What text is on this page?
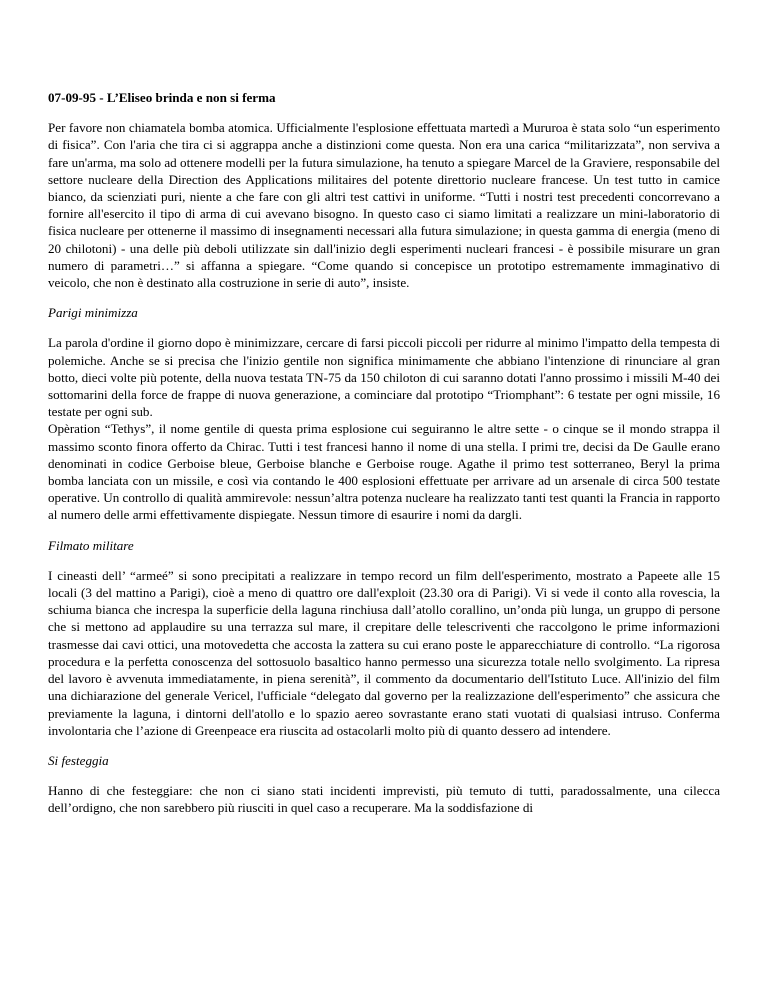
07-09-95 - L’Eliseo brinda e non si ferma

Per favore non chiamatela bomba atomica. Ufficialmente l'esplosione effettuata martedì a Mururoa è stata solo “un esperimento di fisica”. Con l'aria che tira ci si aggrappa anche a distinzioni come questa. Non era una carica “militarizzata”, non serviva a fare un'arma, ma solo ad ottenere modelli per la futura simulazione, ha tenuto a spiegare Marcel de la Graviere, responsabile del settore nucleare della Direction des Applications militaires del potente direttorio nucleare francese. Un test tutto in camice bianco, da scienziati puri, niente a che fare con gli altri test cattivi in uniforme. “Tutti i nostri test precedenti concorrevano a fornire all'esercito il tipo di arma di cui avevano bisogno. In questo caso ci siamo limitati a realizzare un mini-laboratorio di fisica nucleare per ottenerne il massimo di insegnamenti necessari alla futura simulazione; in questa gamma di energia (meno di 20 chilotoni) - una delle più deboli utilizzate sin dall'inizio degli esperimenti nucleari francesi - è possibile misurare un gran numero di parametri…” si affanna a spiegare. “Come quando si concepisce un prototipo estremamente immaginativo di veicolo, che non è destinato alla costruzione in serie di auto”, insiste.

Parigi minimizza

La parola d'ordine il giorno dopo è minimizzare, cercare di farsi piccoli piccoli per ridurre al minimo l'impatto della tempesta di polemiche. Anche se si precisa che l'inizio gentile non significa minimamente che abbiano l'intenzione di rinunciare al gran botto, dieci volte più potente, della nuova testata TN-75 da 150 chiloton di cui saranno dotati l'anno prossimo i missili M-40 dei sottomarini della force de frappe di nuova generazione, a cominciare dal prototipo “Triomphant”: 6 testate per ogni missile, 16 testate per ogni sub.

Opèration “Tethys”, il nome gentile di questa prima esplosione cui seguiranno le altre sette - o cinque se il mondo strappa il massimo sconto finora offerto da Chirac. Tutti i test francesi hanno il nome di una stella. I primi tre, decisi da De Gaulle erano denominati in codice Gerboise bleue, Gerboise blanche e Gerboise rouge. Agathe il primo test sotterraneo, Beryl la prima bomba lanciata con un missile, e così via contando le 400 esplosioni effettuate per arrivare ad un arsenale di circa 500 testate operative. Un controllo di qualità ammirevole: nessun’altra potenza nucleare ha realizzato tanti test quanti la Francia in rapporto al numero delle armi effettivamente dispiegate. Nessun timore di esaurire i nomi da dargli.

Filmato militare

I cineasti dell’ “armeé” si sono precipitati a realizzare in tempo record un film dell'esperimento, mostrato a Papeete alle 15 locali (3 del mattino a Parigi), cioè a meno di quattro ore dall'exploit (23.30 ora di Parigi). Vi si vede il conto alla rovescia, la schiuma bianca che increspa la superficie della laguna rinchiusa dall’atollo corallino, un’onda più lunga, un gruppo di persone che si mettono ad applaudire su una terrazza sul mare, il crepitare delle telescriventi che raccolgono le prime informazioni trasmesse dai cavi ottici, una motovedetta che accosta la zattera su cui erano poste le apparecchiature di controllo. “La rigorosa procedura e la perfetta conoscenza del sottosuolo basaltico hanno permesso una sicurezza totale nello svolgimento. La ripresa del lavoro è avvenuta immediatamente, in piena serenità”, il commento da documentario dell'Istituto Luce. All'inizio del film una dichiarazione del generale Vericel, l'ufficiale “delegato dal governo per la realizzazione dell'esperimento” che assicura che previamente la laguna, i dintorni dell'atollo e lo spazio aereo sovrastante erano stati vuotati di qualsiasi intruso. Conferma involontaria che l’azione di Greenpeace era riuscita ad ostacolarli molto più di quanto dessero ad intendere.

Si festeggia

Hanno di che festeggiare: che non ci siano stati incidenti imprevisti, più temuto di tutti, paradossalmente, una cilecca dell’ordigno, che non sarebbero più riusciti in quel caso a recuperare. Ma la soddisfazione di
